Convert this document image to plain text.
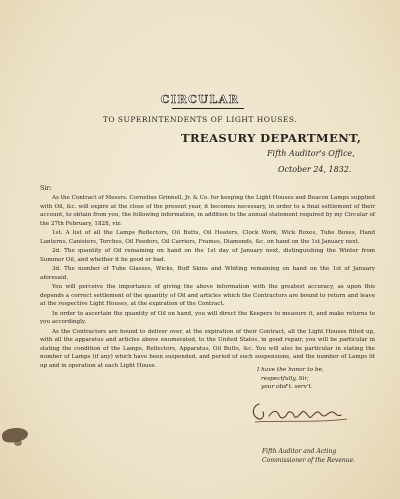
CIRCULAR
TO SUPERINTENDENTS OF LIGHT HOUSES.
TREASURY DEPARTMENT,
Fifth Auditor's Office,
October 24, 1832.
Sir:

As the Contract of Messrs. Cornelius Grinnell, Jr. & Co. for keeping the Light Houses and Beacon Lamps supplied with Oil, &c. will expire at the close of the present year, it becomes necessary, in order to a final settlement of their account, to obtain from you, the following information, in addition to the annual statement required by my Circular of the 27th February, 1828, viz:

1st. A list of all the Lamps Reflectors, Oil Butts, Oil Heaters, Clock Work, Wick Boxes, Tube Boxes, Hand Lanterns, Canisters, Torches, Oil Feeders, Oil Carriers, Frames, Diamonds, &c. on hand on the 1st January next.

2d. The quantity of Oil remaining on hand on the 1st day of January next, distinguishing the Winter from Summer Oil, and whether it be good or bad.

3d. The number of Tube Glasses, Wicks, Buff Skins and Whiting remaining on hand on the 1st of January aforesaid.

You will perceive the importance of giving the above information with the greatest accuracy, as upon this depends a correct settlement of the quantity of Oil and articles which the Contractors are bound to return and leave at the respective Light Houses, at the expiration of the Contract.

In order to ascertain the quantity of Oil on hand, you will direct the Keepers to measure it, and make returns to you accordingly.

As the Contractors are bound to deliver over, at the expiration of their Contract, all the Light Houses fitted up, with all the apparatus and articles above enumerated, to the United States, in good repair, you will be particular in stating the condition of the Lamps, Reflectors, Apparatus, Oil Butts, &c. You will also be particular in stating the number of Lamps (if any) which have been suspended, and period of such suspensions, and the number of Lamps lit up and in operation at each Light House.

I have the honor to be,
respectfully, Sir,
your obd't. serv't.
Fifth Auditor and Acting
Commissioner of the Revenue.
